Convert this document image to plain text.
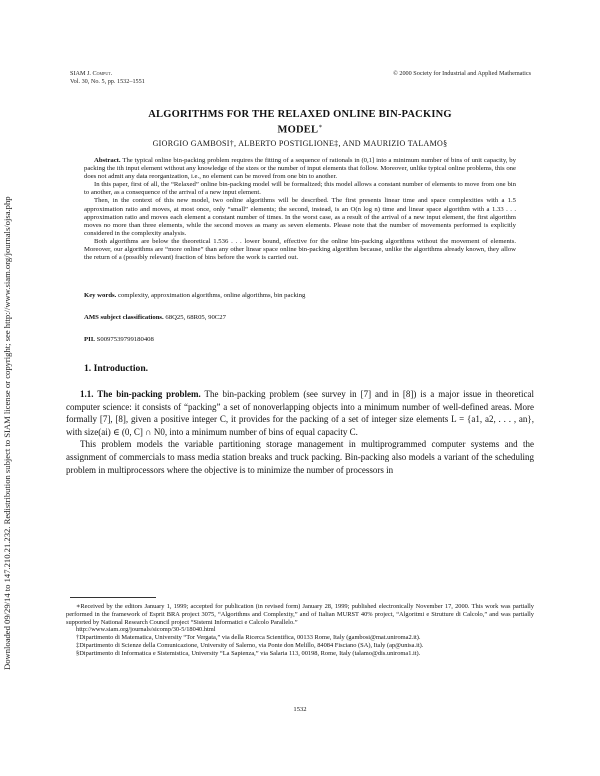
Downloaded 09/29/14 to 147.210.21.232. Redistribution subject to SIAM license or copyright; see http://www.siam.org/journals/ojsa.php
SIAM J. Comput.
Vol. 30, No. 5, pp. 1532–1551
© 2000 Society for Industrial and Applied Mathematics
ALGORITHMS FOR THE RELAXED ONLINE BIN-PACKING
MODEL∗
GIORGIO GAMBOSI†, ALBERTO POSTIGLIONE‡, AND MAURIZIO TALAMO§

Abstract. The typical online bin-packing problem requires the fitting of a sequence of rationals in (0,1] into a minimum number of bins of unit capacity, by packing the ith input element without any knowledge of the sizes or the number of input elements that follow. Moreover, unlike typical online problems, this one does not admit any data reorganization, i.e., no element can be moved from one bin to another.

In this paper, first of all, the “Relaxed” online bin-packing model will be formalized; this model allows a constant number of elements to move from one bin to another, as a consequence of the arrival of a new input element.

Then, in the context of this new model, two online algorithms will be described. The first presents linear time and space complexities with a 1.5 approximation ratio and moves, at most once, only “small” elements; the second, instead, is an O(n log n) time and linear space algorithm with a 1.33 . . . approximation ratio and moves each element a constant number of times. In the worst case, as a result of the arrival of a new input element, the first algorithm moves no more than three elements, while the second moves as many as seven elements. Please note that the number of movements performed is explicitly considered in the complexity analysis.

Both algorithms are below the theoretical 1.536 . . . lower bound, effective for the online bin-packing algorithms without the movement of elements. Moreover, our algorithms are “more online” than any other linear space online bin-packing algorithm because, unlike the algorithms already known, they allow the return of a (possibly relevant) fraction of bins before the work is carried out.

Key words. complexity, approximation algorithms, online algorithms, bin packing

AMS subject classifications. 68Q25, 68R05, 90C27

PII. S0097539799180408

1. Introduction.

1.1. The bin-packing problem. The bin-packing problem (see survey in [7] and in [8]) is a major issue in theoretical computer science: it consists of “packing” a set of nonoverlapping objects into a minimum number of well-defined areas. More formally [7], [8], given a positive integer C, it provides for the packing of a set of integer size elements L = {a1, a2, . . . , an}, with size(ai) ∈ (0, C] ∩ N0, into a minimum number of bins of equal capacity C.

This problem models the variable partitioning storage management in multiprogrammed computer systems and the assignment of commercials to mass media station breaks and truck packing. Bin-packing also models a variant of the scheduling problem in multiprocessors where the objective is to minimize the number of processors in

∗Received by the editors January 1, 1999; accepted for publication (in revised form) January 28, 1999; published electronically November 17, 2000. This work was partially performed in the framework of Esprit BRA project 3075, “Algorithms and Complexity,” and of Italian MURST 40% project, “Algoritmi e Strutture di Calcolo,” and was partially supported by National Research Council project “Sistemi Informatici e Calcolo Parallelo.”

http://www.siam.org/journals/sicomp/30-5/18040.html

†Dipartimento di Matematica, University “Tor Vergata,” via della Ricerca Scientifica, 00133 Rome, Italy (gambosi@mat.uniroma2.it).

‡Dipartimento di Scienze della Comunicazione, University of Salerno, via Ponte don Melillo, 84084 Fisciano (SA), Italy (ap@unisa.it).

§Dipartimento di Informatica e Sistemistica, University “La Sapienza,” via Salaria 113, 00198, Rome, Italy (talamo@dis.uniroma1.it).

1532
